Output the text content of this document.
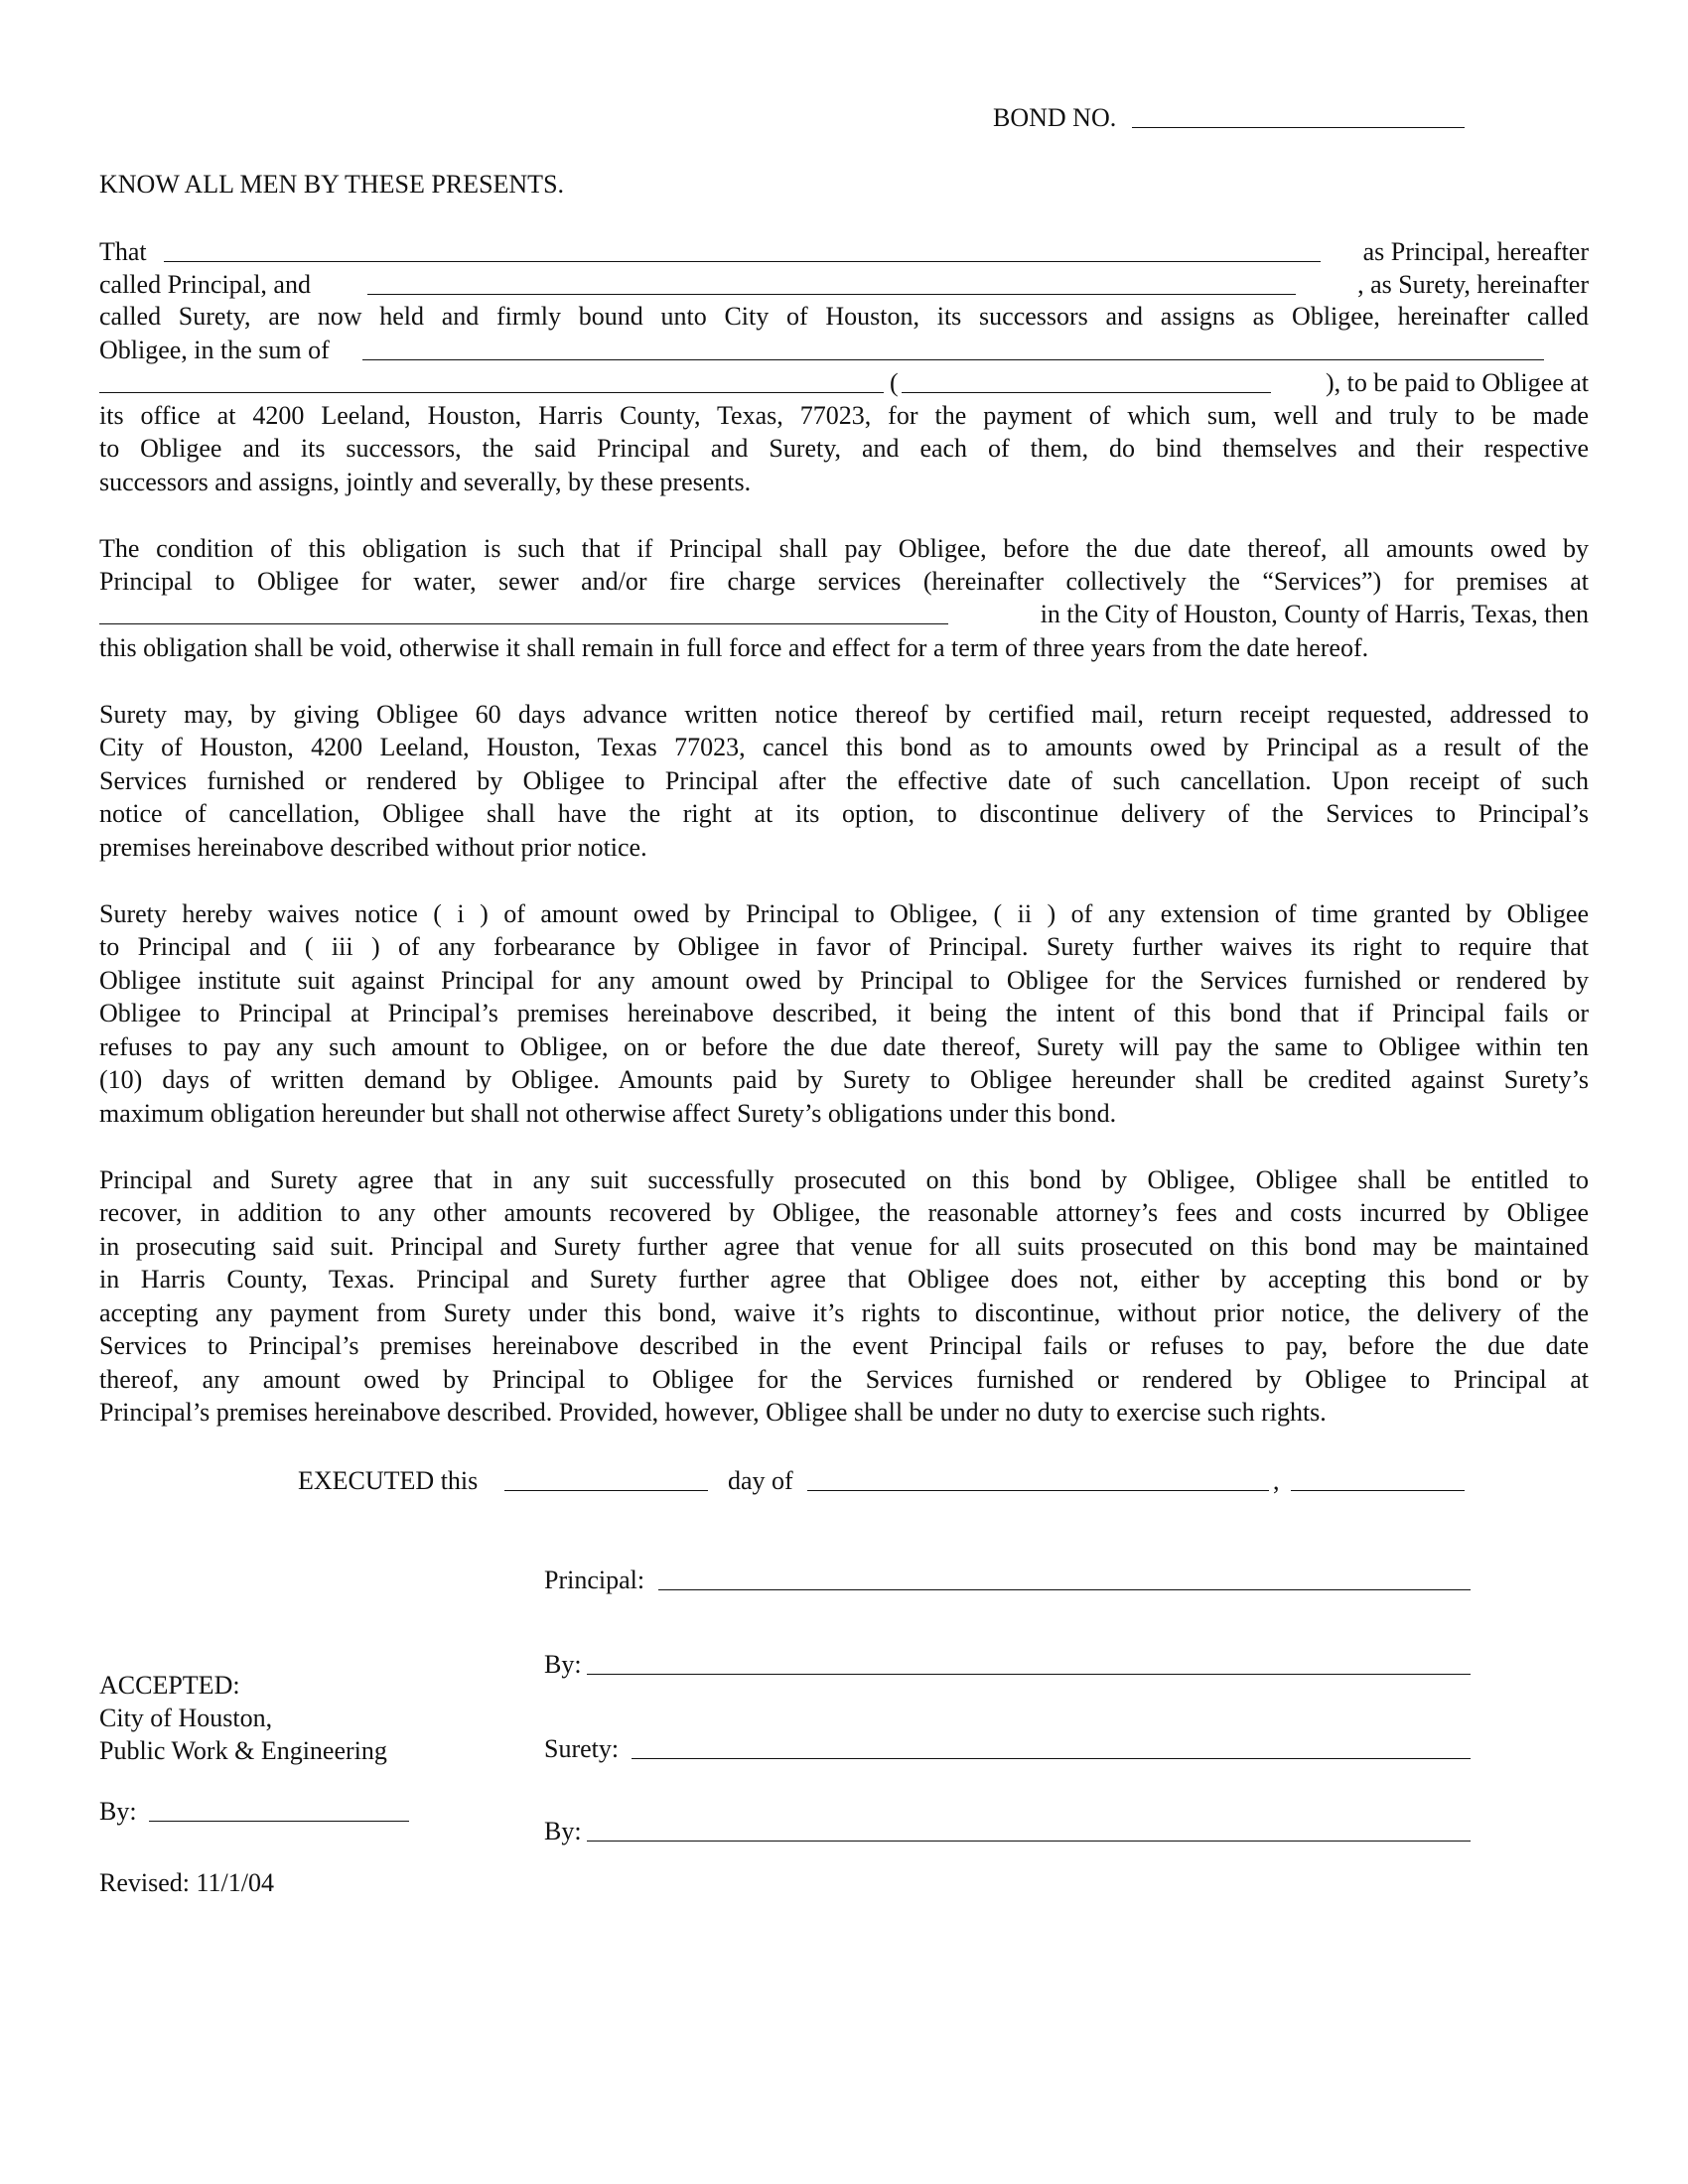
BOND NO.
KNOW ALL MEN BY THESE PRESENTS.
That	as Principal, hereafter
called Principal, and	, as Surety, hereinafter
called Surety, are now held and firmly bound unto City of Houston, its successors and assigns as Obligee, hereinafter called
Obligee, in the sum of
(	), to be paid to Obligee at
its office at 4200 Leeland, Houston, Harris County, Texas, 77023, for the payment of which sum, well and truly to be made
to Obligee and its successors, the said Principal and Surety, and each of them, do bind themselves and their respective
successors and assigns, jointly and severally, by these presents.
The condition of this obligation is such that if Principal shall pay Obligee, before the due date thereof, all amounts owed by
Principal to Obligee for water, sewer and/or fire charge services (hereinafter collectively the “Services”) for premises at
in the City of Houston, County of Harris, Texas, then
this obligation shall be void, otherwise it shall remain in full force and effect for a term of three years from the date hereof.
Surety may, by giving Obligee 60 days advance written notice thereof by certified mail, return receipt requested, addressed to
City of Houston, 4200 Leeland, Houston, Texas 77023, cancel this bond as to amounts owed by Principal as a result of the
Services furnished or rendered by Obligee to Principal after the effective date of such cancellation. Upon receipt of such
notice of cancellation, Obligee shall have the right at its option, to discontinue delivery of the Services to Principal’s
premises hereinabove described without prior notice.
Surety hereby waives notice ( i ) of amount owed by Principal to Obligee, ( ii ) of any extension of time granted by Obligee
to Principal and ( iii ) of any forbearance by Obligee in favor of Principal. Surety further waives its right to require that
Obligee institute suit against Principal for any amount owed by Principal to Obligee for the Services furnished or rendered by
Obligee to Principal at Principal’s premises hereinabove described, it being the intent of this bond that if Principal fails or
refuses to pay any such amount to Obligee, on or before the due date thereof, Surety will pay the same to Obligee within ten
(10) days of written demand by Obligee. Amounts paid by Surety to Obligee hereunder shall be credited against Surety’s
maximum obligation hereunder but shall not otherwise affect Surety’s obligations under this bond.
Principal and Surety agree that in any suit successfully prosecuted on this bond by Obligee, Obligee shall be entitled to
recover, in addition to any other amounts recovered by Obligee, the reasonable attorney’s fees and costs incurred by Obligee
in prosecuting said suit. Principal and Surety further agree that venue for all suits prosecuted on this bond may be maintained
in Harris County, Texas. Principal and Surety further agree that Obligee does not, either by accepting this bond or by
accepting any payment from Surety under this bond, waive it’s rights to discontinue, without prior notice, the delivery of the
Services to Principal’s premises hereinabove described in the event Principal fails or refuses to pay, before the due date
thereof, any amount owed by Principal to Obligee for the Services furnished or rendered by Obligee to Principal at
Principal’s premises hereinabove described. Provided, however, Obligee shall be under no duty to exercise such rights.
EXECUTED this	day of	,
Principal:
By:
Surety:
By:
ACCEPTED:
City of Houston,
Public Work & Engineering
By:
Revised: 11/1/04
